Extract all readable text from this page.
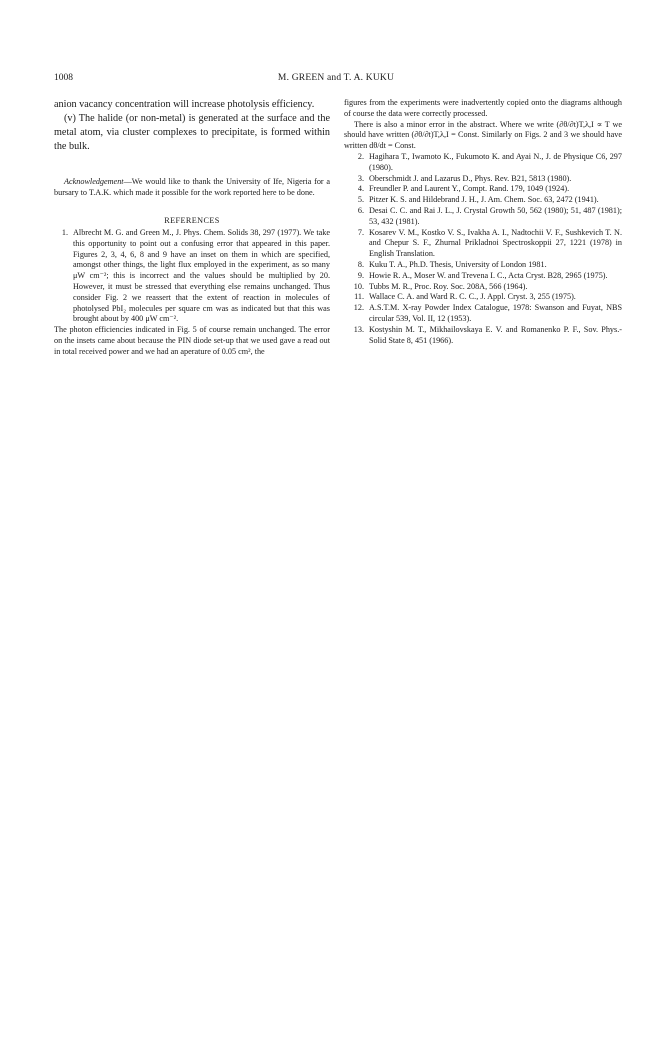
1008	M. GREEN and T. A. KUKU

anion vacancy concentration will increase photolysis efficiency.

(v) The halide (or non-metal) is generated at the surface and the metal atom, via cluster complexes to precipitate, is formed within the bulk.

Acknowledgement—We would like to thank the University of Ife, Nigeria for a bursary to T.A.K. which made it possible for the work reported here to be done.

REFERENCES
1. Albrecht M. G. and Green M., J. Phys. Chem. Solids 38, 297 (1977). We take this opportunity to point out a confusing error that appeared in this paper. Figures 2, 3, 4, 6, 8 and 9 have an inset on them in which are specified, amongst other things, the light flux employed in the experiment, as so many μW cm⁻²; this is incorrect and the values should be multiplied by 20. However, it must be stressed that everything else remains unchanged. Thus consider Fig. 2 we reassert that the extent of reaction in molecules of photolysed PbI₂ molecules per square cm was as indicated but that this was brought about by 400 μW cm⁻².

The photon efficiencies indicated in Fig. 5 of course remain unchanged. The error on the insets came about because the PIN diode set-up that we used gave a read out in total received power and we had an aperature of 0.05 cm², the

figures from the experiments were inadvertently copied onto the diagrams although of course the data were correctly processed.

There is also a minor error in the abstract. Where we write (∂θ/∂t)T,λ,I ∝ T we should have written (∂θ/∂t)T,λ,I = Const. Similarly on Figs. 2 and 3 we should have written dθ/dt = Const.

2. Hagihara T., Iwamoto K., Fukumoto K. and Ayai N., J. de Physique C6, 297 (1980).
3. Oberschmidt J. and Lazarus D., Phys. Rev. B21, 5813 (1980).
4. Freundler P. and Laurent Y., Compt. Rand. 179, 1049 (1924).
5. Pitzer K. S. and Hildebrand J. H., J. Am. Chem. Soc. 63, 2472 (1941).
6. Desai C. C. and Rai J. L., J. Crystal Growth 50, 562 (1980); 51, 487 (1981); 53, 432 (1981).
7. Kosarev V. M., Kostko V. S., Ivakha A. I., Nadtochii V. F., Sushkevich T. N. and Chepur S. F., Zhurnal Prikladnoi Spectroskoppii 27, 1221 (1978) in English Translation.
8. Kuku T. A., Ph.D. Thesis, University of London 1981.
9. Howie R. A., Moser W. and Trevena I. C., Acta Cryst. B28, 2965 (1975).
10. Tubbs M. R., Proc. Roy. Soc. 208A, 566 (1964).
11. Wallace C. A. and Ward R. C. C., J. Appl. Cryst. 3, 255 (1975).
12. A.S.T.M. X-ray Powder Index Catalogue, 1978: Swanson and Fuyat, NBS circular 539, Vol. II, 12 (1953).
13. Kostyshin M. T., Mikhailovskaya E. V. and Romanenko P. F., Sov. Phys.-Solid State 8, 451 (1966).
